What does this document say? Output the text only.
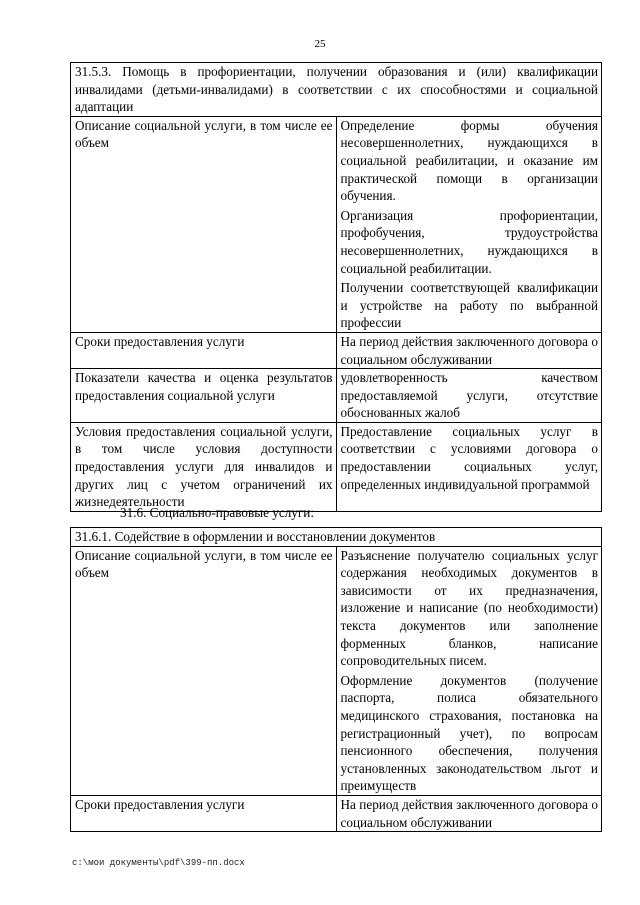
25
31.5.3. Помощь в профориентации, получении образования и (или) квалификации инвалидами (детьми-инвалидами) в соответствии с их способностями и социальной адаптации	
Описание социальной услуги, в том числе ее объем	Определение формы обучения несовершеннолетних, нуждающихся в социальной реабилитации, и оказание им практической помощи в организации обучения.

Организация профориентации, профобучения, трудоустройства несовершеннолетних, нуждающихся в социальной реабилитации.

Получении соответствующей квалификации и устройстве на работу по выбранной профессии

Сроки предоставления услуги	На период действия заключенного договора о социальном обслуживании
Показатели качества и оценка результатов предоставления социальной услуги	удовлетворенность качеством предоставляемой услуги, отсутствие обоснованных жалоб
Условия предоставления социальной услуги, в том числе условия доступности предоставления услуги для инвалидов и других лиц с учетом ограничений их жизнедеятельности	Предоставление социальных услуг в соответствии с условиями договора о предоставлении социальных услуг, определенных индивидуальной программой
31.6. Социально-правовые услуги:
31.6.1. Содействие в оформлении и восстановлении документов	
Описание социальной услуги, в том числе ее объем	Разъяснение получателю социальных услуг содержания необходимых документов в зависимости от их предназначения, изложение и написание (по необходимости) текста документов или заполнение форменных бланков, написание сопроводительных писем.

Оформление документов (получение паспорта, полиса обязательного медицинского страхования, постановка на регистрационный учет), по вопросам пенсионного обеспечения, получения установленных законодательством льгот и преимуществ

Сроки предоставления услуги	На период действия заключенного договора о социальном обслуживании
c:\мои документы\pdf\399-пп.docx
